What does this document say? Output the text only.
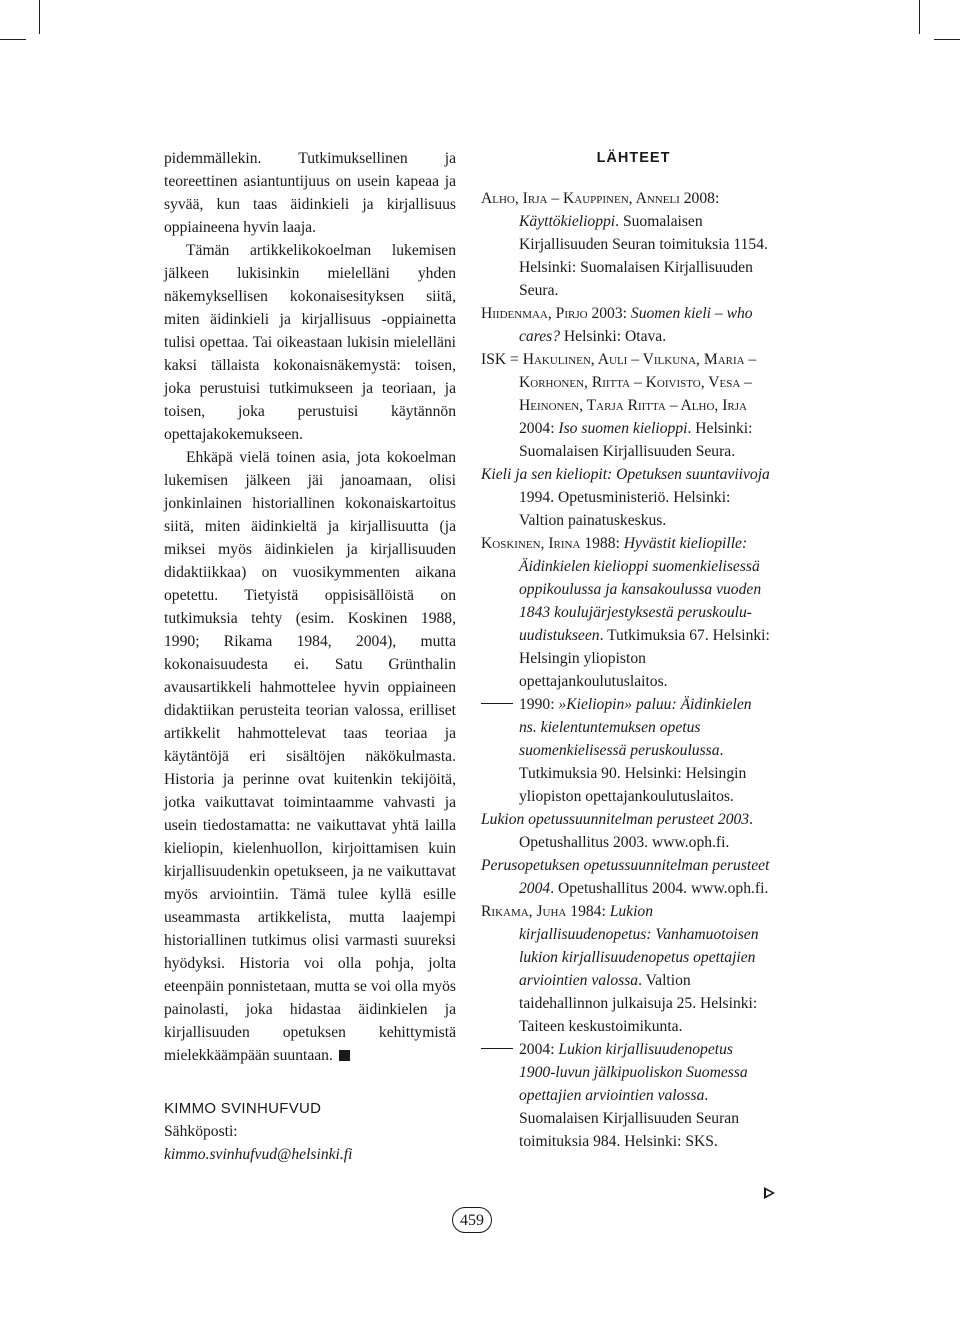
pidemmällekin. Tutkimuksellinen ja teoreettinen asiantuntijuus on usein kapeaa ja syvää, kun taas äidinkieli ja kirjallisuus oppiaineena hyvin laaja.

Tämän artikkelikokoelman lukemisen jälkeen lukisinkin mielelläni yhden näkemyksellisen kokonaisesityksen siitä, miten äidinkieli ja kirjallisuus -oppiainetta tulisi opettaa. Tai oikeastaan lukisin mielelläni kaksi tällaista kokonaisnäkemystä: toisen, joka perustuisi tutkimukseen ja teoriaan, ja toisen, joka perustuisi käytännön opettajakokemukseen.

Ehkäpä vielä toinen asia, jota kokoelman lukemisen jälkeen jäi janoamaan, olisi jonkinlainen historiallinen kokonaiskartoitus siitä, miten äidinkieltä ja kirjallisuutta (ja miksei myös äidinkielen ja kirjallisuuden didaktiikkaa) on vuosikymmenten aikana opetettu. Tietyistä oppisisällöistä on tutkimuksia tehty (esim. Koskinen 1988, 1990; Rikama 1984, 2004), mutta kokonaisuudesta ei. Satu Grünthalin avausartikkeli hahmottelee hyvin oppiaineen didaktiikan perusteita teorian valossa, erilliset artikkelit hahmottelevat taas teoriaa ja käytäntöjä eri sisältöjen näkökulmasta. Historia ja perinne ovat kuitenkin tekijöitä, jotka vaikuttavat toimintaamme vahvasti ja usein tiedostamatta: ne vaikuttavat yhtä lailla kieliopin, kielenhuollon, kirjoittamisen kuin kirjallisuudenkin opetukseen, ja ne vaikuttavat myös arviointiin. Tämä tulee kyllä esille useammasta artikkelista, mutta laajempi historiallinen tutkimus olisi varmasti suureksi hyödyksi. Historia voi olla pohja, jolta eteenpäin ponnistetaan, mutta se voi olla myös painolasti, joka hidastaa äidinkielen ja kirjallisuuden opetuksen kehittymistä mielekkäämpään suuntaan.

KIMMO SVINHUFVUD
Sähköposti:
kimmo.svinhufvud@helsinki.fi
LÄHTEET

Alho, Irja – Kauppinen, Anneli 2008: Käyttökielioppi. Suomalaisen Kirjallisuuden Seuran toimituksia 1154. Helsinki: Suomalaisen Kirjallisuuden Seura.

Hiidenmaa, Pirjo 2003: Suomen kieli – who cares? Helsinki: Otava.

ISK = Hakulinen, Auli – Vilkuna, Maria – Korhonen, Riitta – Koivisto, Vesa – Heinonen, Tarja Riitta – Alho, Irja 2004: Iso suomen kielioppi. Helsinki: Suomalaisen Kirjallisuuden Seura.

Kieli ja sen kieliopit: Opetuksen suuntaviivoja 1994. Opetusministeriö. Helsinki: Valtion painatuskeskus.

Koskinen, Irina 1988: Hyvästit kieliopille: Äidinkielen kielioppi suomenkielisessä oppikoulussa ja kansakoulussa vuoden 1843 koulujärjestyksestä peruskoulu-uudistukseen. Tutkimuksia 67. Helsinki: Helsingin yliopiston opettajankoulutuslaitos.

1990: »Kieliopin» paluu: Äidinkielen ns. kielentuntemuksen opetus suomenkielisessä peruskoulussa. Tutkimuksia 90. Helsinki: Helsingin yliopiston opettajankoulutuslaitos.

Lukion opetussuunnitelman perusteet 2003. Opetushallitus 2003. www.oph.fi.

Perusopetuksen opetussuunnitelman perusteet 2004. Opetushallitus 2004. www.oph.fi.

Rikama, Juha 1984: Lukion kirjallisuudenopetus: Vanhamuotoisen lukion kirjallisuudenopetus opettajien arviointien valossa. Valtion taidehallinnon julkaisuja 25. Helsinki: Taiteen keskustoimikunta.

2004: Lukion kirjallisuudenopetus 1900-luvun jälkipuoliskon Suomessa opettajien arviointien valossa. Suomalaisen Kirjallisuuden Seuran toimituksia 984. Helsinki: SKS.

459
